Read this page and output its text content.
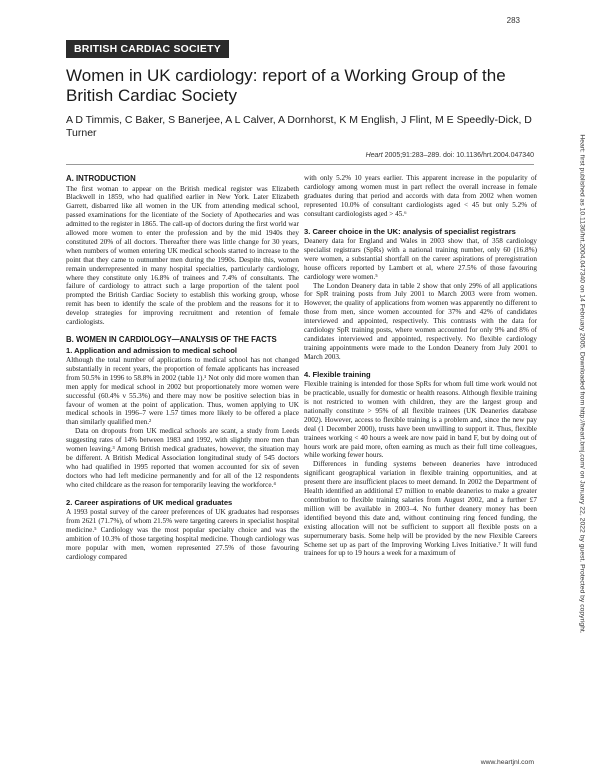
283
BRITISH CARDIAC SOCIETY
Women in UK cardiology: report of a Working Group of the British Cardiac Society

A D Timmis, C Baker, S Banerjee, A L Calver, A Dornhorst, K M English, J Flint, M E Speedly-Dick, D Turner

Heart 2005;91:283–289. doi: 10.1136/hrt.2004.047340
A. INTRODUCTION

The first woman to appear on the British medical register was Elizabeth Blackwell in 1859, who had qualified earlier in New York. Later Elizabeth Garrett, disbarred like all women in the UK from attending medical school, passed examinations for the licentiate of the Society of Apothecaries and was admitted to the register in 1865. The call-up of doctors during the first world war allowed more women to enter the profession and by the mid 1940s they constituted 20% of all doctors. Thereafter there was little change for 30 years, when numbers of women entering UK medical schools started to increase to the point that they came to outnumber men during the 1990s. Despite this, women remain underrepresented in many hospital specialties, particularly cardiology, where they constitute only 16.8% of trainees and 7.4% of consultants. The failure of cardiology to attract such a large proportion of the talent pool prompted the British Cardiac Society to establish this working group, whose remit has been to identify the scale of the problem and the reasons for it to develop strategies for improving recruitment and retention of female cardiologists.

B. WOMEN IN CARDIOLOGY—ANALYSIS OF THE FACTS
1. Application and admission to medical school

Although the total number of applications to medical school has not changed substantially in recent years, the proportion of female applicants has increased from 50.5% in 1996 to 58.8% in 2002 (table 1).¹ Not only did more women than men apply for medical school in 2002 but proportionately more women were successful (60.4% v 55.3%) and there may now be positive selection bias in favour of women at the point of application. Thus, women applying to UK medical schools in 1996–7 were 1.57 times more likely to be offered a place than similarly qualified men.²

Data on dropouts from UK medical schools are scant, a study from Leeds suggesting rates of 14% between 1983 and 1992, with slightly more men than women leaving.³ Among British medical graduates, however, the situation may be different. A British Medical Association longitudinal study of 545 doctors who had qualified in 1995 reported that women accounted for six of seven doctors who had left medicine permanently and for all of the 12 respondents who cited childcare as the reason for temporarily leaving the workforce.⁴

2. Career aspirations of UK medical graduates

A 1993 postal survey of the career preferences of UK graduates had responses from 2621 (71.7%), of whom 21.5% were targeting careers in specialist hospital medicine.⁵ Cardiology was the most popular specialty choice and was the ambition of 10.3% of those targeting hospital medicine. Though cardiology was more popular with men, women represented 27.5% of those favouring cardiology compared

with only 5.2% 10 years earlier. This apparent increase in the popularity of cardiology among women must in part reflect the overall increase in female graduates during that period and accords with data from 2002 when women represented 10.0% of consultant cardiologists aged < 45 but only 5.2% of consultant cardiologists aged > 45.⁶

3. Career choice in the UK: analysis of specialist registrars

Deanery data for England and Wales in 2003 show that, of 358 cardiology specialist registrars (SpRs) with a national training number, only 60 (16.8%) were women, a substantial shortfall on the career aspirations of preregistration house officers reported by Lambert et al, where 27.5% of those favouring cardiology were women.⁵

The London Deanery data in table 2 show that only 29% of all applications for SpR training posts from July 2001 to March 2003 were from women. However, the quality of applications from women was apparently no different to those from men, since women accounted for 37% and 42% of candidates interviewed and appointed, respectively. This contrasts with the data for cardiology SpR training posts, where women accounted for only 9% and 8% of candidates interviewed and appointed, respectively. No flexible cardiology training appointments were made to the London Deanery from July 2001 to March 2003.

4. Flexible training

Flexible training is intended for those SpRs for whom full time work would not be practicable, usually for domestic or health reasons. Although flexible training is not restricted to women with children, they are the largest group and nationally constitute > 95% of all flexible trainees (UK Deaneries database 2002). However, access to flexible training is a problem and, since the new pay deal (1 December 2000), trusts have been unwilling to support it. Thus, flexible trainees working < 40 hours a week are now paid in band F, but by doing out of hours work are paid more, often earning as much as their full time colleagues, while working fewer hours.

Differences in funding systems between deaneries have introduced significant geographical variation in flexible training opportunities, and at present there are insufficient places to meet demand. In 2002 the Department of Health identified an additional £7 million to enable deaneries to make a greater contribution to flexible training salaries from August 2002, and a further £7 million will be available in 2003–4. No further deanery money has been identified beyond this date and, without continuing ring fenced funding, the existing allocation will not be sufficient to support all flexible posts on a supernumerary basis. Some help will be provided by the new Flexible Careers Scheme set up as part of the Improving Working Lives Initiative.⁷ It will fund trainees for up to 19 hours a week for a maximum of	Heart: first published as 10.1136/hrt.2004.047340 on 14 February 2005. Downloaded from http://heart.bmj.com/ on January 22, 2022 by guest. Protected by copyright.
www.heartjnl.com
